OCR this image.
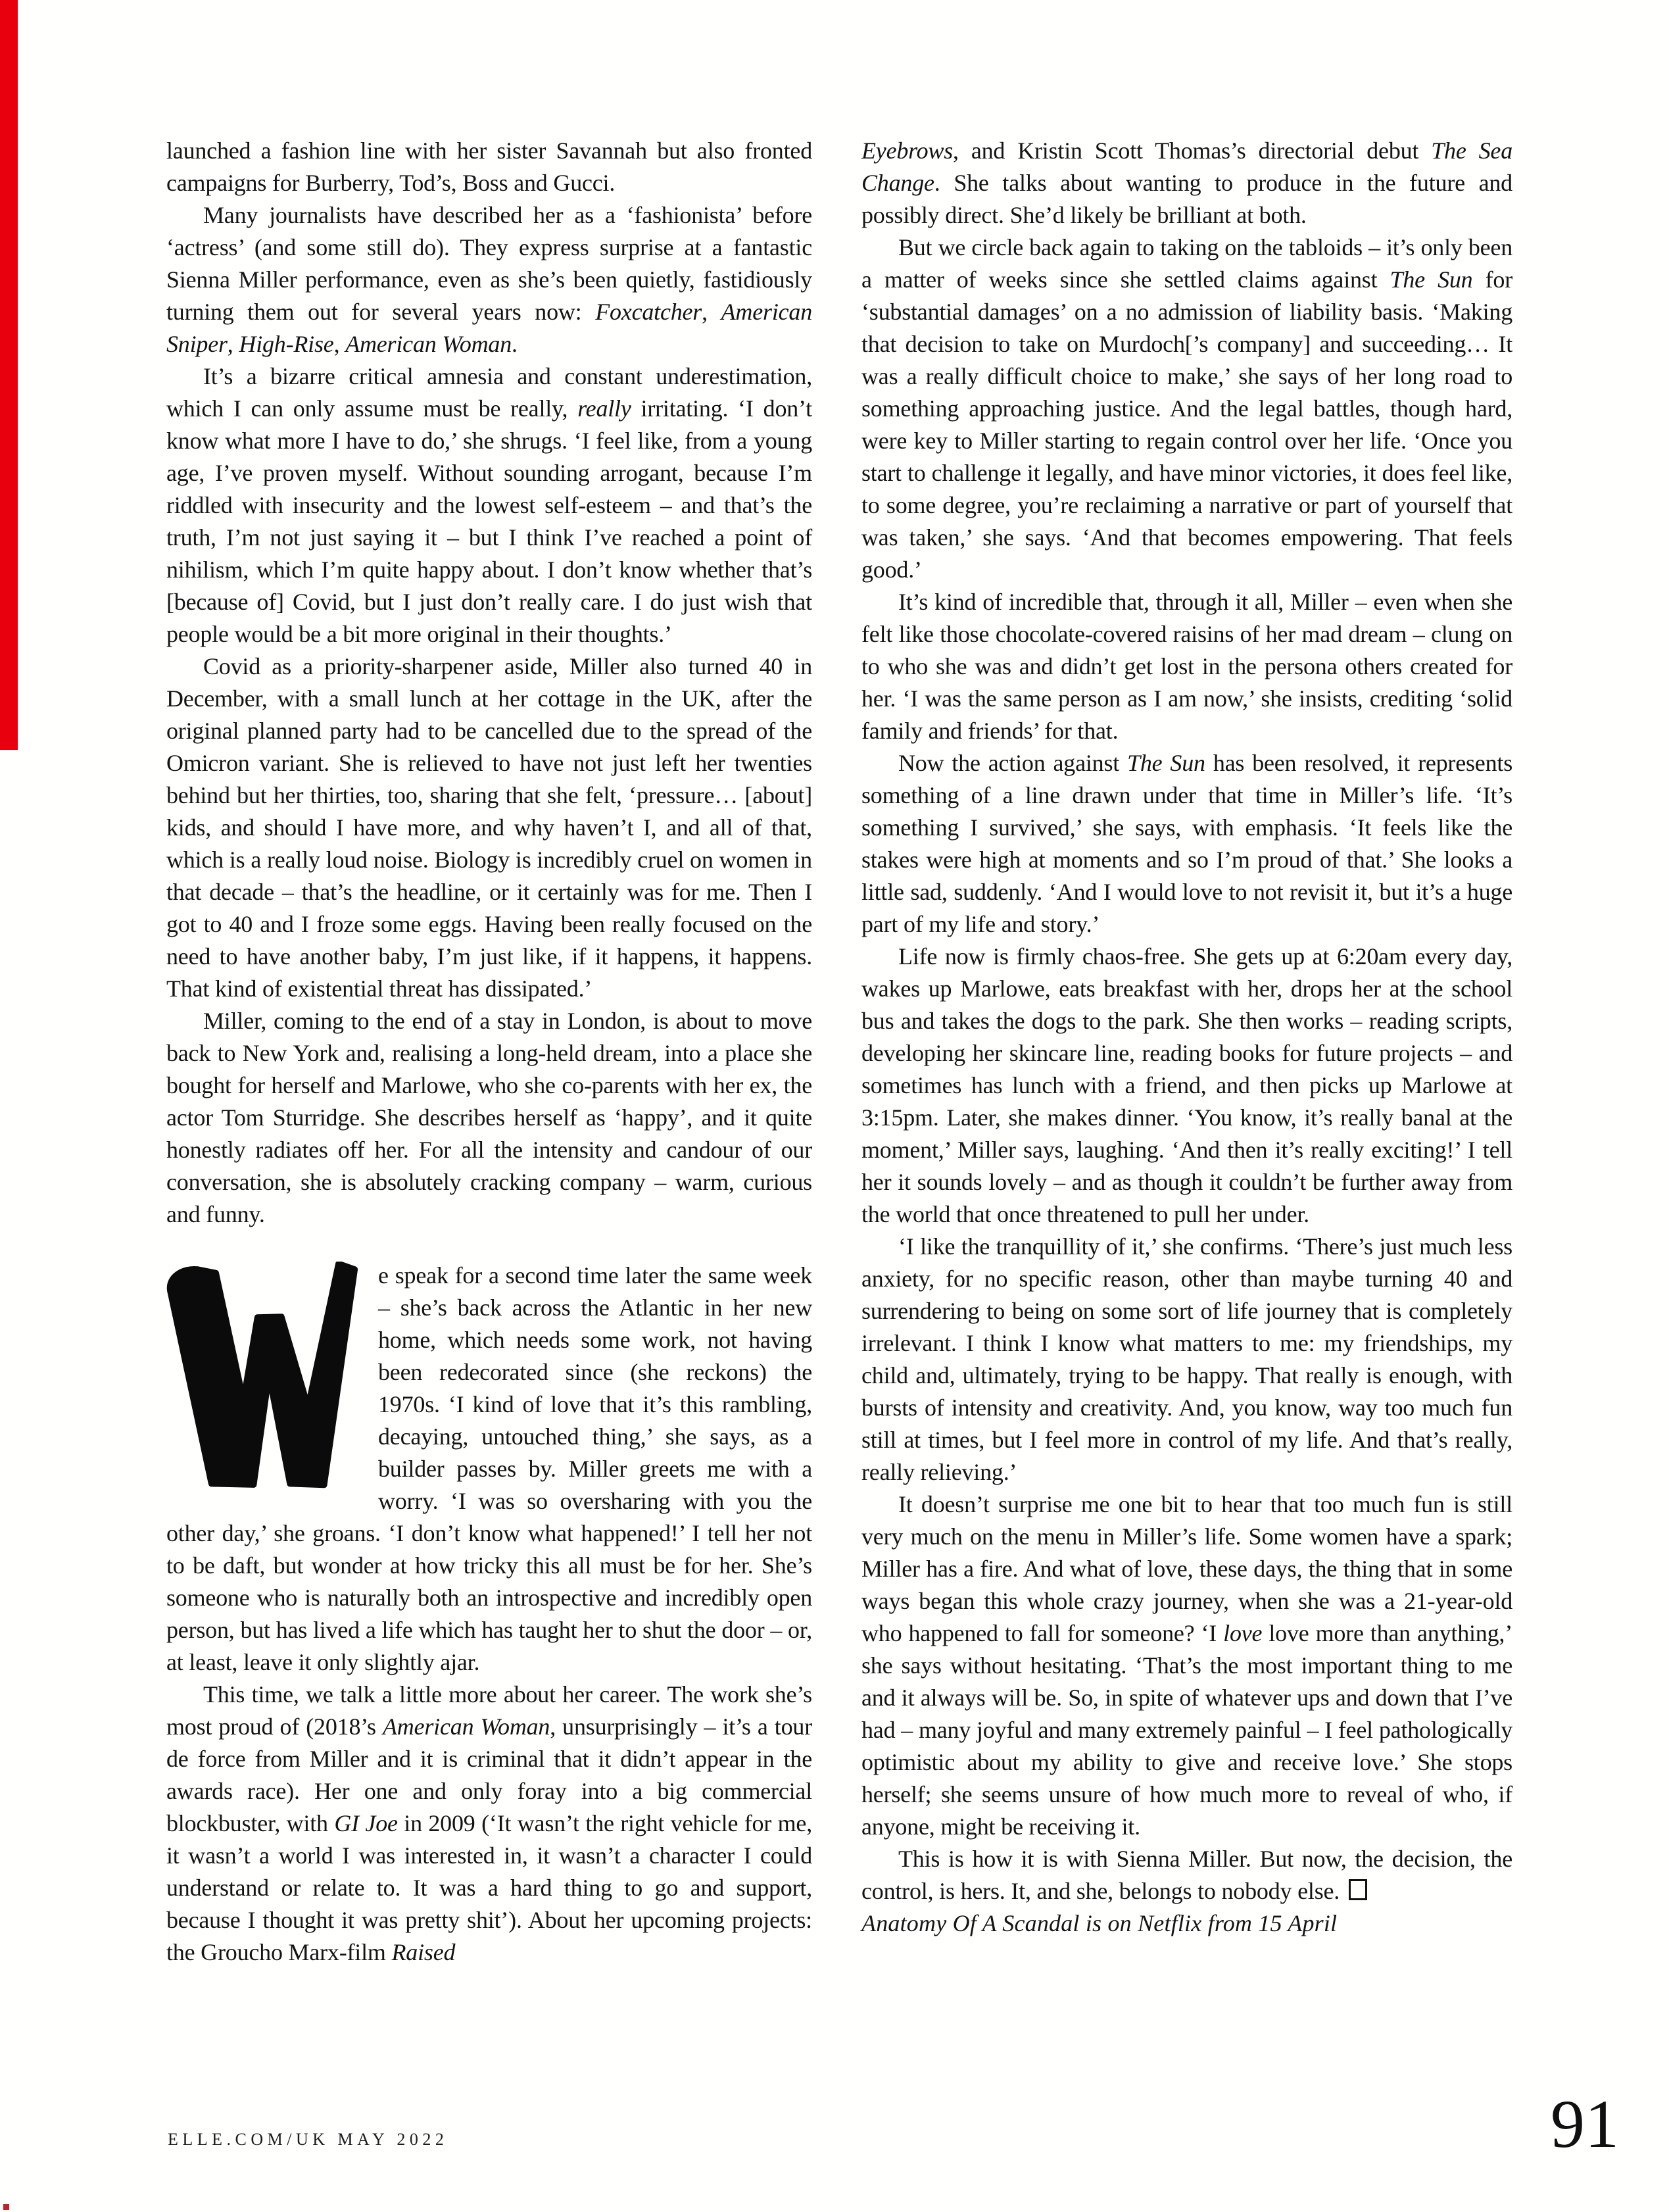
launched a fashion line with her sister Savannah but also fronted campaigns for Burberry, Tod’s, Boss and Gucci.

Many journalists have described her as a ‘fashionista’ before ‘actress’ (and some still do). They express surprise at a fantastic Sienna Miller performance, even as she’s been quietly, fastidiously turning them out for several years now: Foxcatcher, American Sniper, High-Rise, American Woman.

It’s a bizarre critical amnesia and constant underestimation, which I can only assume must be really, really irritating. ‘I don’t know what more I have to do,’ she shrugs. ‘I feel like, from a young age, I’ve proven myself. Without sounding arrogant, because I’m riddled with insecurity and the lowest self-esteem – and that’s the truth, I’m not just saying it – but I think I’ve reached a point of nihilism, which I’m quite happy about. I don’t know whether that’s [because of] Covid, but I just don’t really care. I do just wish that people would be a bit more original in their thoughts.’

Covid as a priority-sharpener aside, Miller also turned 40 in December, with a small lunch at her cottage in the UK, after the original planned party had to be cancelled due to the spread of the Omicron variant. She is relieved to have not just left her twenties behind but her thirties, too, sharing that she felt, ‘pressure… [about] kids, and should I have more, and why haven’t I, and all of that, which is a really loud noise. Biology is incredibly cruel on women in that decade – that’s the headline, or it certainly was for me. Then I got to 40 and I froze some eggs. Having been really focused on the need to have another baby, I’m just like, if it happens, it happens. That kind of existential threat has dissipated.’

Miller, coming to the end of a stay in London, is about to move back to New York and, realising a long-held dream, into a place she bought for herself and Marlowe, who she co-parents with her ex, the actor Tom Sturridge. She describes herself as ‘happy’, and it quite honestly radiates off her. For all the intensity and candour of our conversation, she is absolutely cracking company – warm, curious and funny.

e speak for a second time later the same week – she’s back across the Atlantic in her new home, which needs some work, not having been redecorated since (she reckons) the 1970s. ‘I kind of love that it’s this rambling, decaying, untouched thing,’ she says, as a builder passes by. Miller greets me with a worry. ‘I was so oversharing with you the other day,’ she groans. ‘I don’t know what happened!’ I tell her not to be daft, but wonder at how tricky this all must be for her. She’s someone who is naturally both an introspective and incredibly open person, but has lived a life which has taught her to shut the door – or, at least, leave it only slightly ajar.

This time, we talk a little more about her career. The work she’s most proud of (2018’s American Woman, unsurprisingly – it’s a tour de force from Miller and it is criminal that it didn’t appear in the awards race). Her one and only foray into a big commercial blockbuster, with GI Joe in 2009 (‘It wasn’t the right vehicle for me, it wasn’t a world I was interested in, it wasn’t a character I could understand or relate to. It was a hard thing to go and support, because I thought it was pretty shit’). About her upcoming projects: the Groucho Marx-film Raised

Eyebrows, and Kristin Scott Thomas’s directorial debut The Sea Change. She talks about wanting to produce in the future and possibly direct. She’d likely be brilliant at both.

But we circle back again to taking on the tabloids – it’s only been a matter of weeks since she settled claims against The Sun for ‘substantial damages’ on a no admission of liability basis. ‘Making that decision to take on Murdoch[’s company] and succeeding… It was a really difficult choice to make,’ she says of her long road to something approaching justice. And the legal battles, though hard, were key to Miller starting to regain control over her life. ‘Once you start to challenge it legally, and have minor victories, it does feel like, to some degree, you’re reclaiming a narrative or part of yourself that was taken,’ she says. ‘And that becomes empowering. That feels good.’

It’s kind of incredible that, through it all, Miller – even when she felt like those chocolate-covered raisins of her mad dream – clung on to who she was and didn’t get lost in the persona others created for her. ‘I was the same person as I am now,’ she insists, crediting ‘solid family and friends’ for that.

Now the action against The Sun has been resolved, it represents something of a line drawn under that time in Miller’s life. ‘It’s something I survived,’ she says, with emphasis. ‘It feels like the stakes were high at moments and so I’m proud of that.’ She looks a little sad, suddenly. ‘And I would love to not revisit it, but it’s a huge part of my life and story.’

Life now is firmly chaos-free. She gets up at 6:20am every day, wakes up Marlowe, eats breakfast with her, drops her at the school bus and takes the dogs to the park. She then works – reading scripts, developing her skincare line, reading books for future projects – and sometimes has lunch with a friend, and then picks up Marlowe at 3:15pm. Later, she makes dinner. ‘You know, it’s really banal at the moment,’ Miller says, laughing. ‘And then it’s really exciting!’ I tell her it sounds lovely – and as though it couldn’t be further away from the world that once threatened to pull her under.

‘I like the tranquillity of it,’ she confirms. ‘There’s just much less anxiety, for no specific reason, other than maybe turning 40 and surrendering to being on some sort of life journey that is completely irrelevant. I think I know what matters to me: my friendships, my child and, ultimately, trying to be happy. That really is enough, with bursts of intensity and creativity. And, you know, way too much fun still at times, but I feel more in control of my life. And that’s really, really relieving.’

It doesn’t surprise me one bit to hear that too much fun is still very much on the menu in Miller’s life. Some women have a spark; Miller has a fire. And what of love, these days, the thing that in some ways began this whole crazy journey, when she was a 21-year-old who happened to fall for someone? ‘I love love more than anything,’ she says without hesitating. ‘That’s the most important thing to me and it always will be. So, in spite of whatever ups and down that I’ve had – many joyful and many extremely painful – I feel pathologically optimistic about my ability to give and receive love.’ She stops herself; she seems unsure of how much more to reveal of who, if anyone, might be receiving it.

This is how it is with Sienna Miller. But now, the decision, the control, is hers. It, and she, belongs to nobody else.

Anatomy Of A Scandal is on Netflix from 15 April

ELLE.COM/UK MAY 2022	91
